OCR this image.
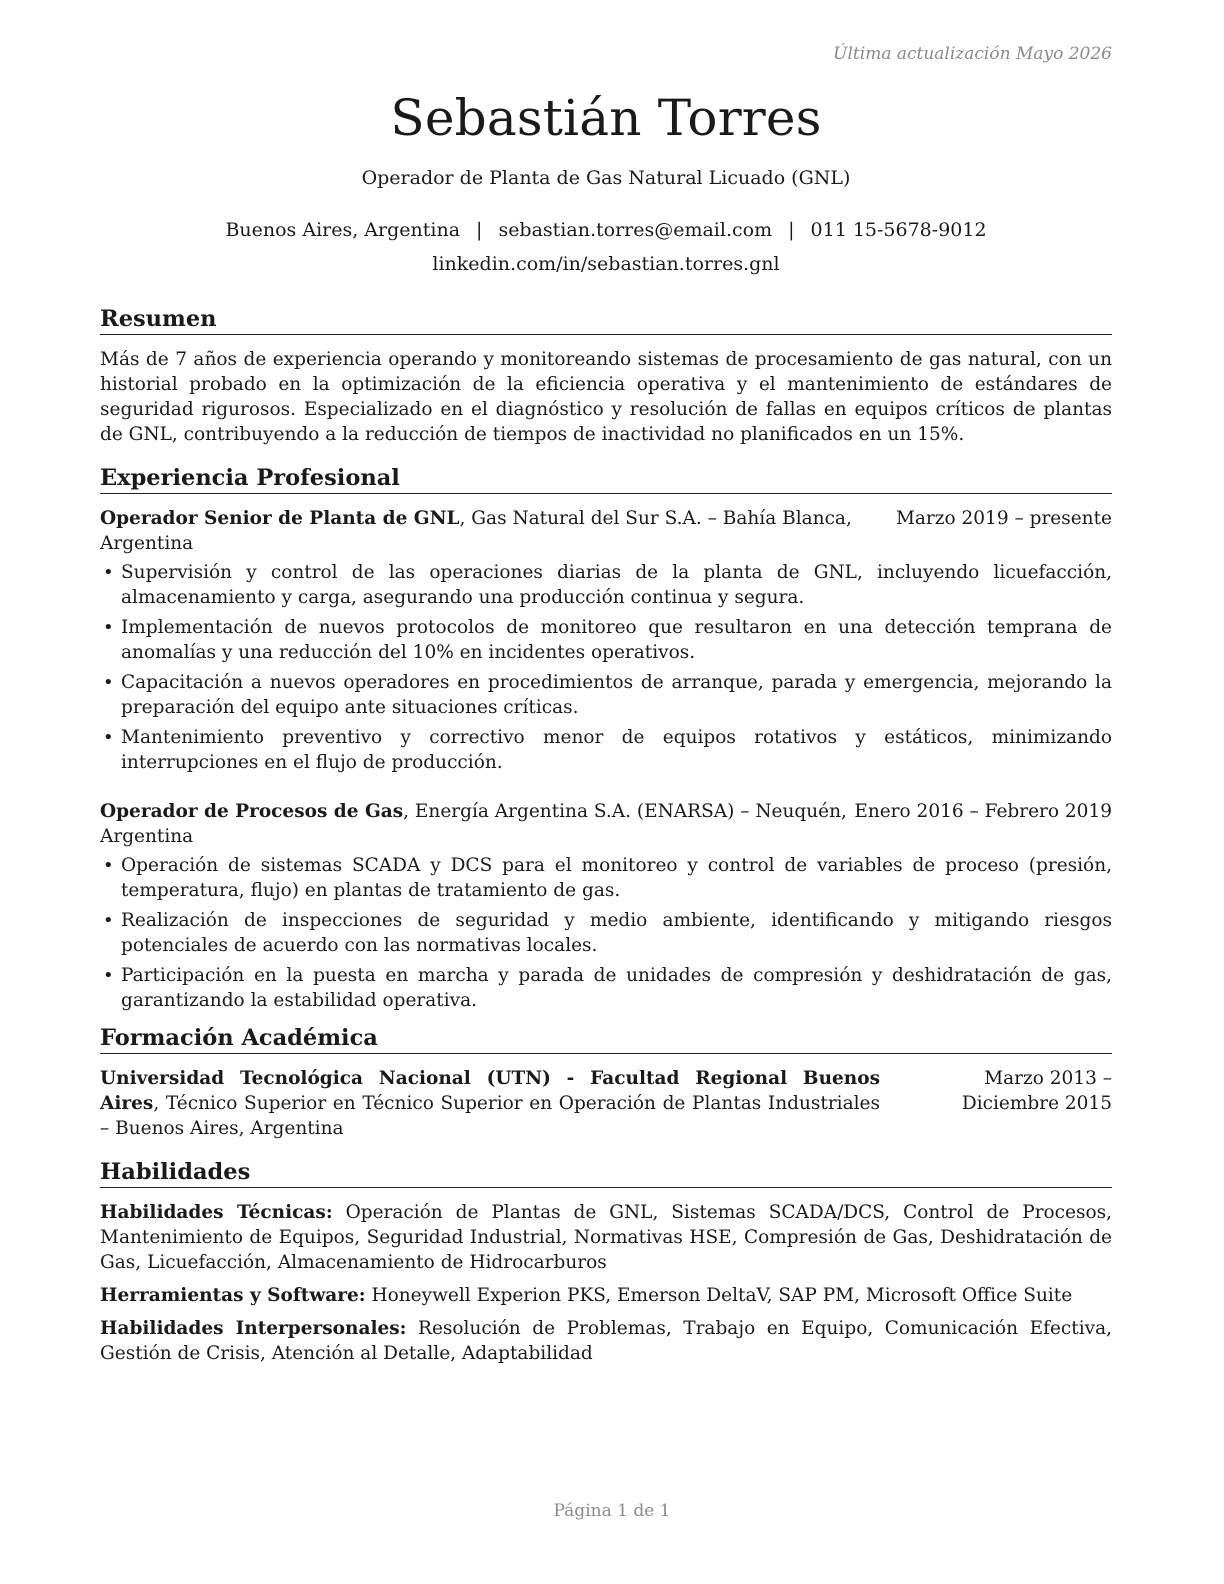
Última actualización Mayo 2026
Sebastián Torres
Operador de Planta de Gas Natural Licuado (GNL)
Buenos Aires, Argentina | sebastian.torres@email.com | 011 15-5678-9012
linkedin.com/in/sebastian.torres.gnl
Resumen

Más de 7 años de experiencia operando y monitoreando sistemas de procesamiento de gas natural, con un historial probado en la optimización de la eficiencia operativa y el mantenimiento de estándares de seguridad rigurosos. Especializado en el diagnóstico y resolución de fallas en equipos críticos de plantas de GNL, contribuyendo a la reducción de tiempos de inactividad no planificados en un 15%.

Experiencia Profesional
Operador Senior de Planta de GNL, Gas Natural del Sur S.A. – Bahía Blanca, Argentina
Marzo 2019 – presente
• Supervisión y control de las operaciones diarias de la planta de GNL, incluyendo licuefacción, almacenamiento y carga, asegurando una producción continua y segura.
• Implementación de nuevos protocolos de monitoreo que resultaron en una detección temprana de anomalías y una reducción del 10% en incidentes operativos.
• Capacitación a nuevos operadores en procedimientos de arranque, parada y emergencia, mejorando la preparación del equipo ante situaciones críticas.
• Mantenimiento preventivo y correctivo menor de equipos rotativos y estáticos, minimizando interrupciones en el flujo de producción.
Operador de Procesos de Gas, Energía Argentina S.A. (ENARSA) – Neuquén, Argentina
Enero 2016 – Febrero 2019
• Operación de sistemas SCADA y DCS para el monitoreo y control de variables de proceso (presión, temperatura, flujo) en plantas de tratamiento de gas.
• Realización de inspecciones de seguridad y medio ambiente, identificando y mitigando riesgos potenciales de acuerdo con las normativas locales.
• Participación en la puesta en marcha y parada de unidades de compresión y deshidratación de gas, garantizando la estabilidad operativa.
Formación Académica
Universidad Tecnológica Nacional (UTN) - Facultad Regional Buenos Aires, Técnico Superior en Técnico Superior en Operación de Plantas Industriales – Buenos Aires, Argentina
Marzo 2013 – Diciembre 2015
Habilidades

Habilidades Técnicas: Operación de Plantas de GNL, Sistemas SCADA/DCS, Control de Procesos, Mantenimiento de Equipos, Seguridad Industrial, Normativas HSE, Compresión de Gas, Deshidratación de Gas, Licuefacción, Almacenamiento de Hidrocarburos

Herramientas y Software: Honeywell Experion PKS, Emerson DeltaV, SAP PM, Microsoft Office Suite

Habilidades Interpersonales: Resolución de Problemas, Trabajo en Equipo, Comunicación Efectiva, Gestión de Crisis, Atención al Detalle, Adaptabilidad

Página 1 de 1
